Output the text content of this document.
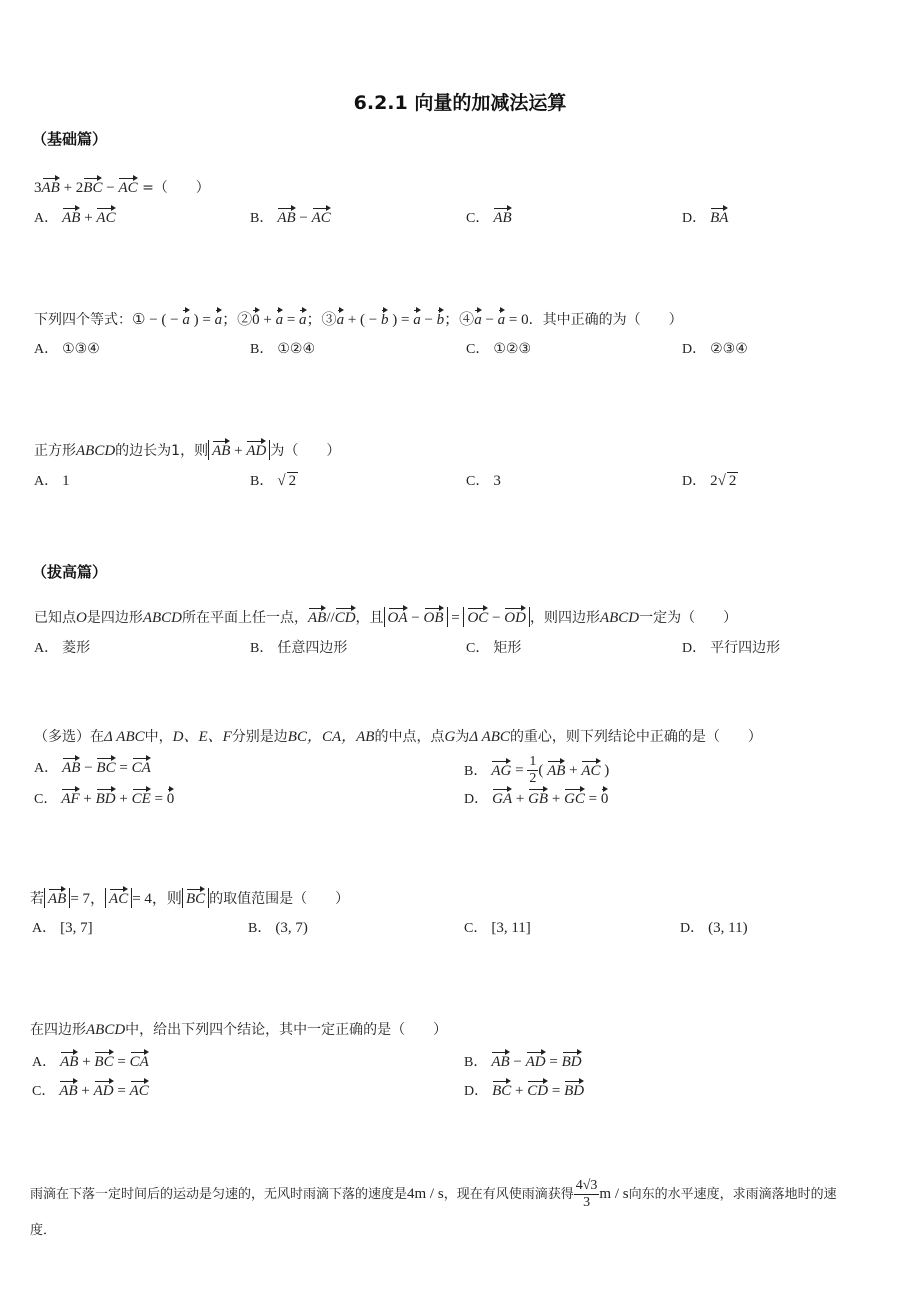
6.2.1 向量的加减法运算
（基础篇）
3AB + 2BC − AC =（　　）
A． AB + AC	B． AB − AC	C． AB	D． BA
下列四个等式：① − ( − a ) = a；②0 + a = a；③a + ( − b ) = a − b；④a − a = 0．其中正确的为（　　）
A． ①③④	B． ①②④	C． ①②③	D． ②③④
正方形ABCD的边长为1，则 AB + AD 为（　　）
A． 1	B． √ 2	C． 3	D． 2√ 2
（拔高篇）
已知点O是四边形ABCD所在平面上任一点，AB//CD，且 OA − OB = OC − OD ，则四边形ABCD一定为（　　）
A． 菱形	B． 任意四边形	C． 矩形	D． 平行四边形
（多选）在Δ ABC中，D、E、F分别是边BC，CA，AB的中点，点G为Δ ABC的重心，则下列结论中正确的是（　　）
A． AB − BC = CA	B． AG = $\frac{1}{2}$ ( AB + AC )
C． AF + BD + CE = 0	D． GA + GB + GC = 0
若 AB = 7， AC = 4，则 BC 的取值范围是（　　）
A． [3, 7]	B． (3, 7)	C． [3, 11]	D． (3, 11)
在四边形ABCD中，给出下列四个结论，其中一定正确的是（　　）
A． AB + BC = CA	B． AB − AD = BD
C． AB + AD = AC	D． BC + CD = BD
雨滴在下落一定时间后的运动是匀速的，无风时雨滴下落的速度是4m / s，现在有风使雨滴获得 $\frac{4√3}{3}$ m / s向东的水平速度，求雨滴落地时的速
度．
